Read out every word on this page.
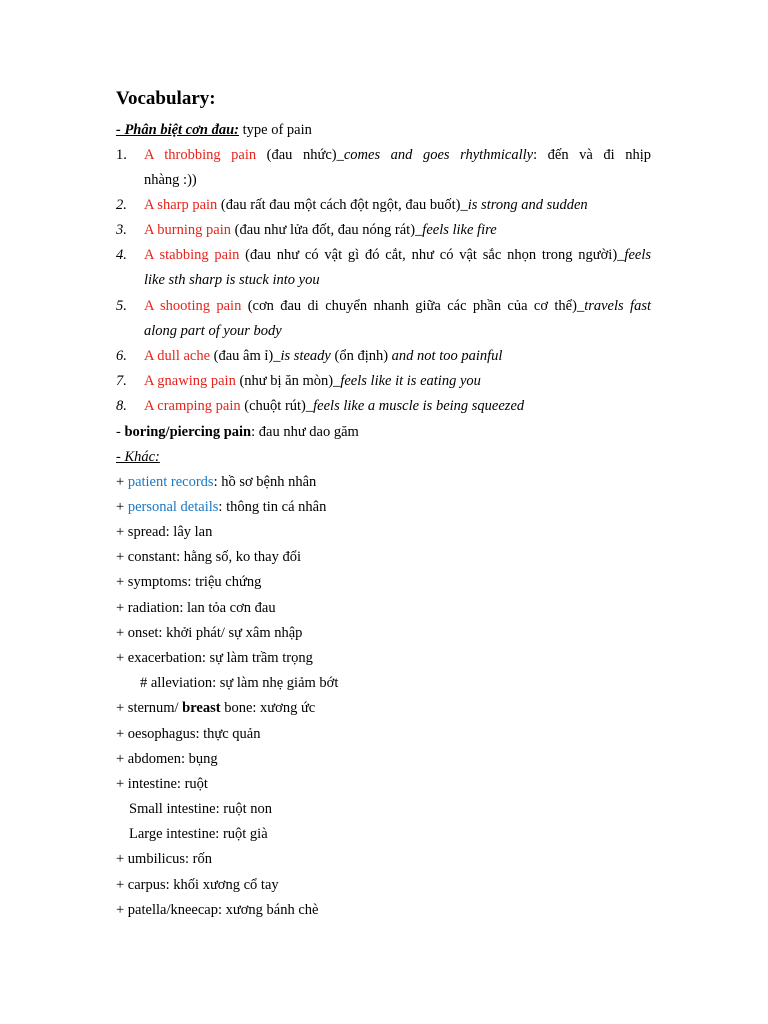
Vocabulary:
- Phân biệt cơn đau: type of pain
1. A throbbing pain (đau nhức)_comes and goes rhythmically: đến và đi nhịp
nhàng :))
2. A sharp pain (đau rất đau một cách đột ngột, đau buốt)_is strong and sudden
3. A burning pain (đau như lửa đốt, đau nóng rát)_feels like fire
4. A stabbing pain (đau như có vật gì đó cắt, như có vật sắc nhọn trong người)_feels
like sth sharp is stuck into you
5. A shooting pain (cơn đau di chuyển nhanh giữa các phần của cơ thể)_travels fast
along part of your body
6. A dull ache (đau âm ỉ)_is steady (ổn định) and not too painful
7. A gnawing pain (như bị ăn mòn)_feels like it is eating you
8. A cramping pain (chuột rút)_feels like a muscle is being squeezed
- boring/piercing pain: đau như dao găm
- Khác:
+ patient records: hồ sơ bệnh nhân
+ personal details: thông tin cá nhân
+ spread: lây lan
+ constant: hằng số, ko thay đổi
+ symptoms: triệu chứng
+ radiation: lan tỏa cơn đau
+ onset: khởi phát/ sự xâm nhập
+ exacerbation: sự làm trầm trọng
# alleviation: sự làm nhẹ giảm bớt
+ sternum/ breast bone: xương ức
+ oesophagus: thực quản
+ abdomen: bụng
+ intestine: ruột
Small intestine: ruột non
Large intestine: ruột già
+ umbilicus: rốn
+ carpus: khối xương cổ tay
+ patella/kneecap: xương bánh chè
